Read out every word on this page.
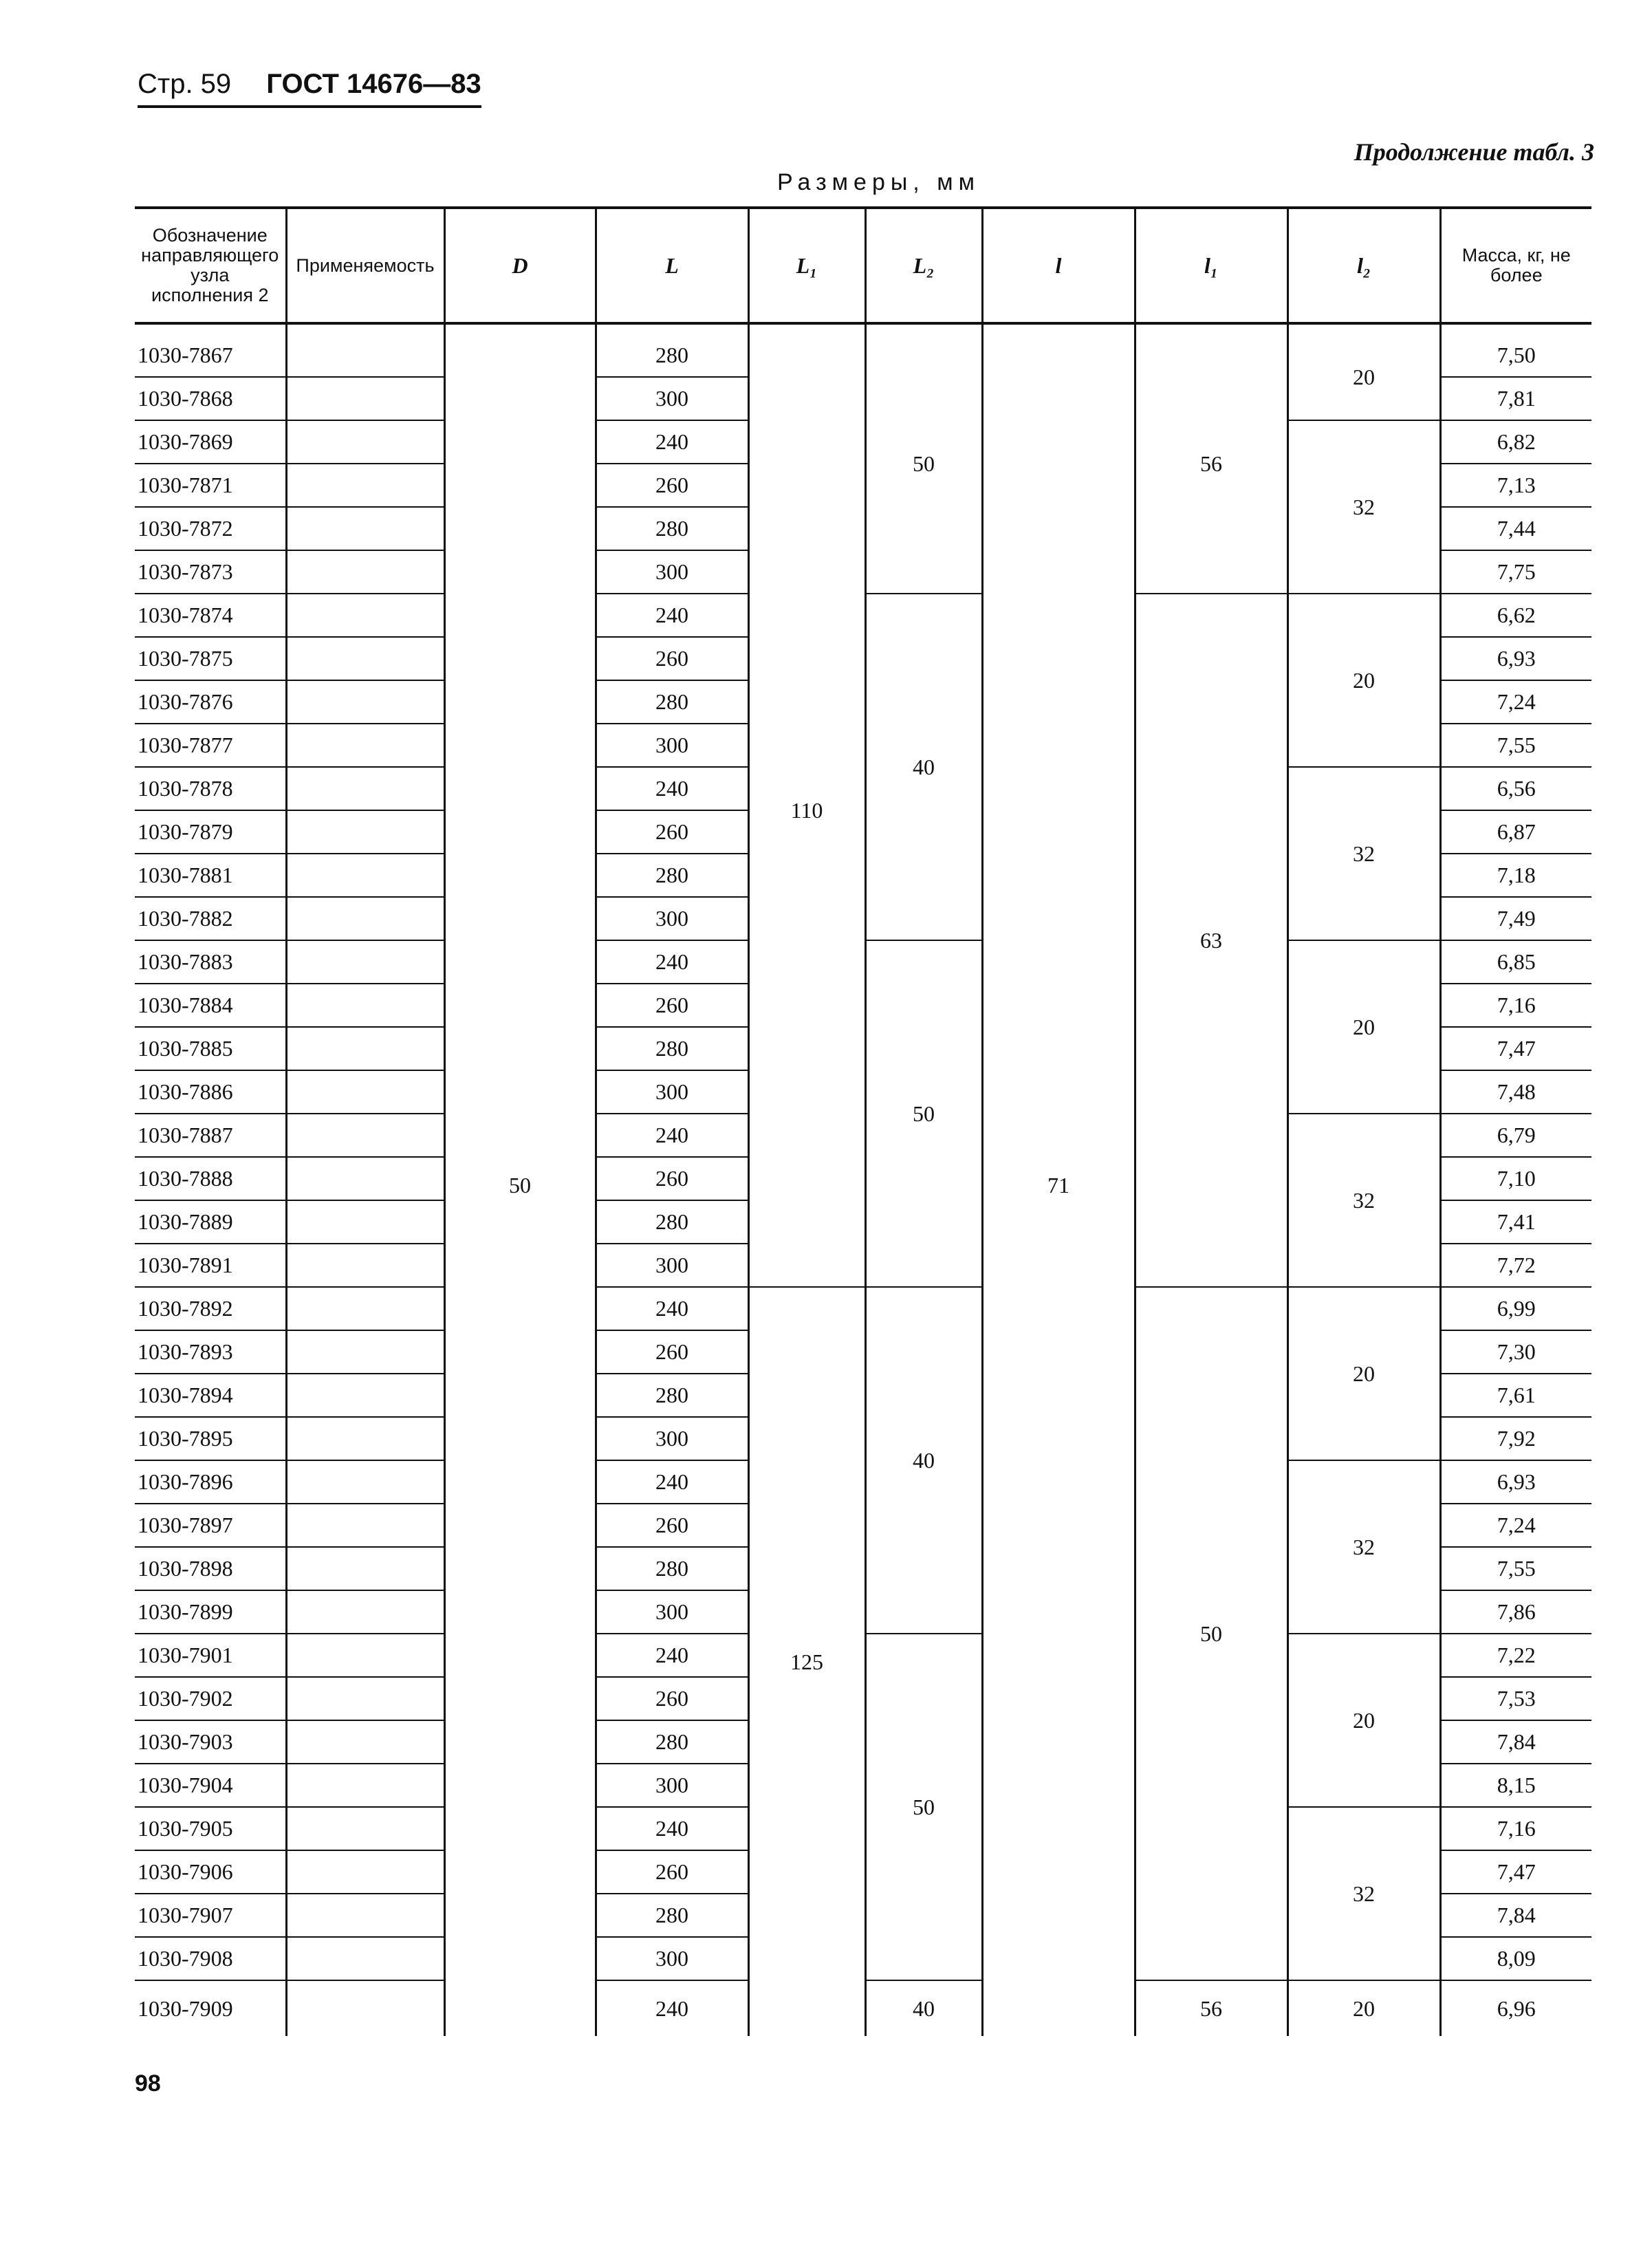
Стр. 59 ГОСТ 14676—83
Продолжение табл. 3
Размеры, мм
Обозначение направляющего узла исполнения 2	Применяемость	D	L	L₁	L₂	l	l₁	l₂	Масса, кг, не более
1030-7867		50	280	110	50	71	56	20	7,50
1030-7868			300						7,81
1030-7869			240					32	6,82
1030-7871			260						7,13
1030-7872			280						7,44
1030-7873			300						7,75
1030-7874			240		40		63	20	6,62
1030-7875			260						6,93
1030-7876			280						7,24
1030-7877			300						7,55
1030-7878			240					32	6,56
1030-7879			260						6,87
1030-7881			280						7,18
1030-7882			300						7,49
1030-7883			240		50			20	6,85
1030-7884			260						7,16
1030-7885			280						7,47
1030-7886			300						7,48
1030-7887			240					32	6,79
1030-7888			260						7,10
1030-7889			280						7,41
1030-7891			300						7,72
1030-7892			240	125	40		50	20	6,99
1030-7893			260						7,30
1030-7894			280						7,61
1030-7895			300						7,92
1030-7896			240					32	6,93
1030-7897			260						7,24
1030-7898			280						7,55
1030-7899			300						7,86
1030-7901			240		50			20	7,22
1030-7902			260						7,53
1030-7903			280						7,84
1030-7904			300						8,15
1030-7905			240					32	7,16
1030-7906			260						7,47
1030-7907			280						7,84
1030-7908			300						8,09
1030-7909			240		40		56	20	6,96
98
